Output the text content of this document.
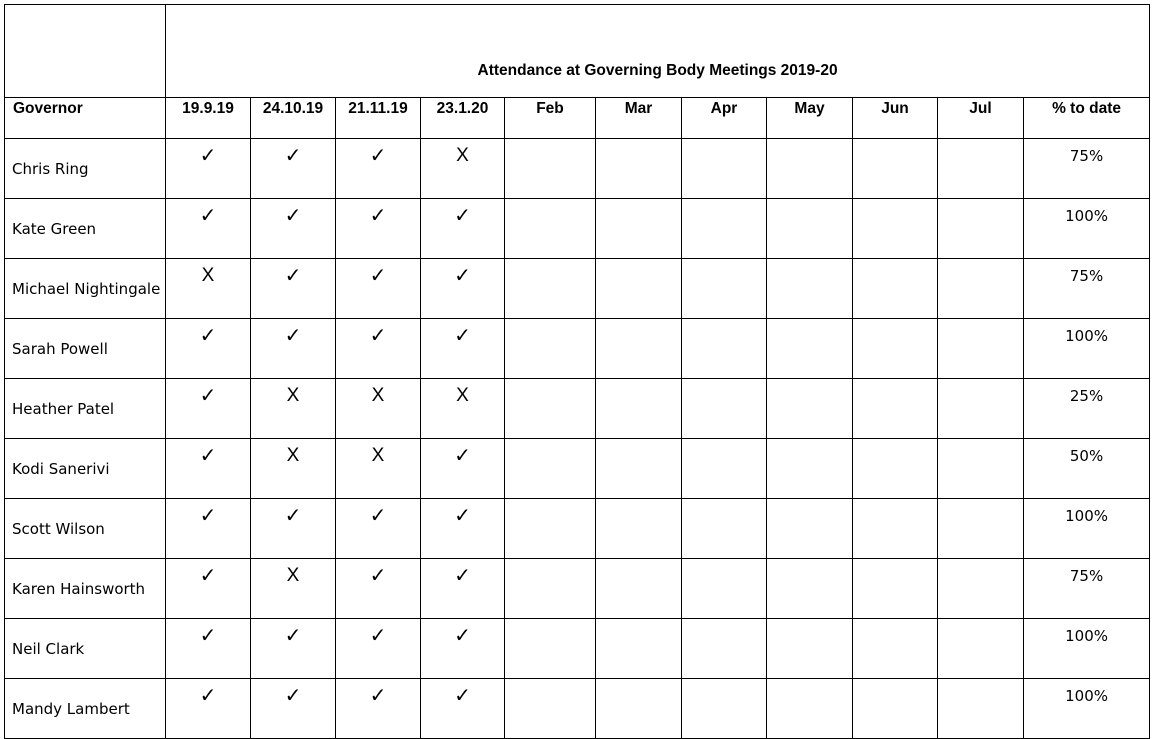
	Attendance at Governing Body Meetings 2019-20										
Governor	19.9.19	24.10.19	21.11.19	23.1.20	Feb	Mar	Apr	May	Jun	Jul	% to date
Chris Ring	✓	✓	✓	X							75%
Kate Green	✓	✓	✓	✓							100%
Michael Nightingale	X	✓	✓	✓							75%
Sarah Powell	✓	✓	✓	✓							100%
Heather Patel	✓	X	X	X							25%
Kodi Sanerivi	✓	X	X	✓							50%
Scott Wilson	✓	✓	✓	✓							100%
Karen Hainsworth	✓	X	✓	✓							75%
Neil Clark	✓	✓	✓	✓							100%
Mandy Lambert	✓	✓	✓	✓							100%
